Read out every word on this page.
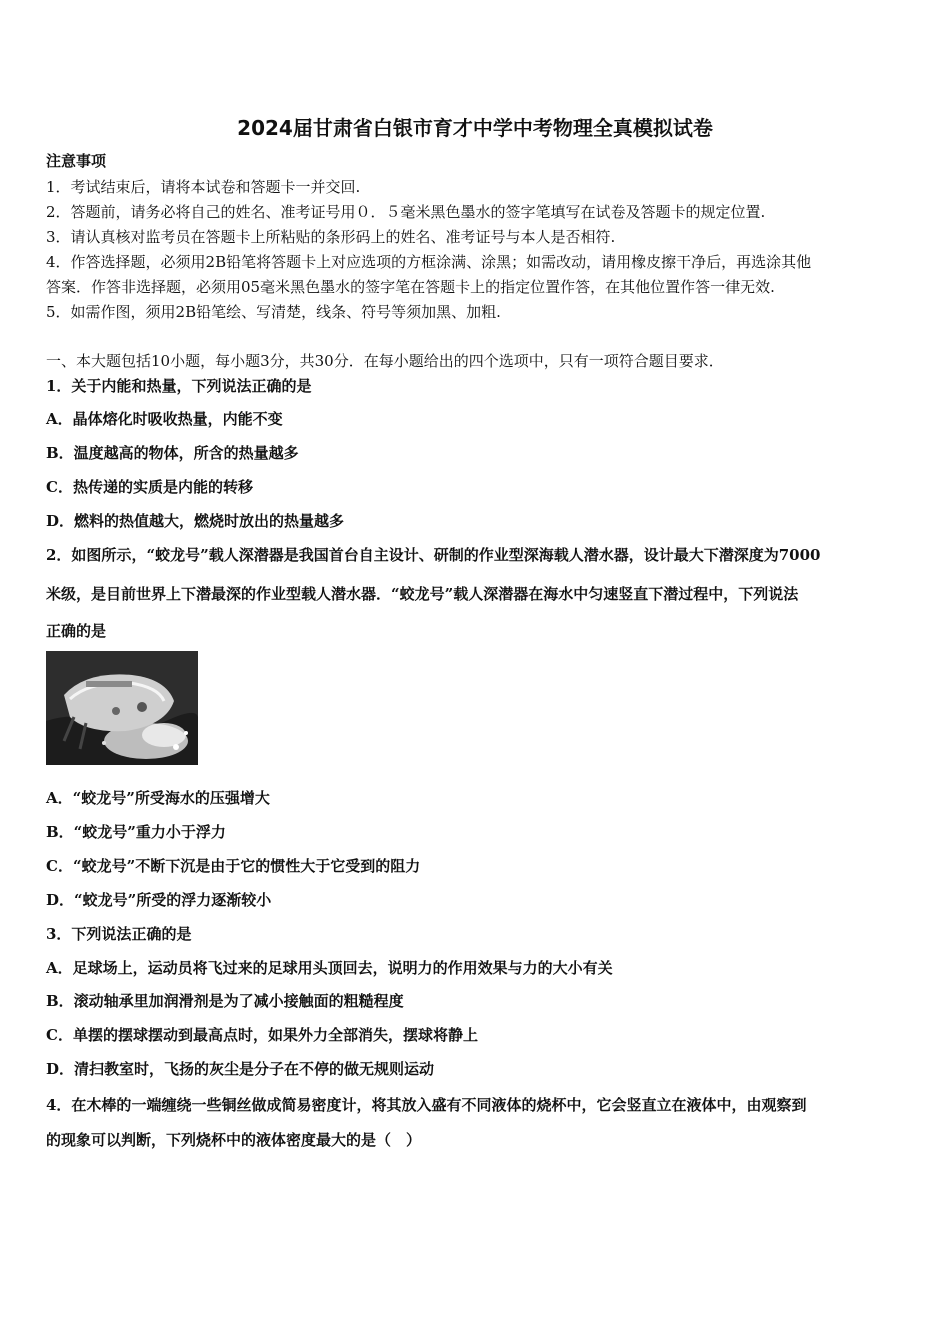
2024届甘肃省白银市育才中学中考物理全真模拟试卷
注意事项
1．考试结束后，请将本试卷和答题卡一并交回.
2．答题前，请务必将自己的姓名、准考证号用０．５毫米黑色墨水的签字笔填写在试卷及答题卡的规定位置.
3．请认真核对监考员在答题卡上所粘贴的条形码上的姓名、准考证号与本人是否相符.
4．作答选择题，必须用2B铅笔将答题卡上对应选项的方框涂满、涂黑；如需改动，请用橡皮擦干净后，再选涂其他
答案．作答非选择题，必须用05毫米黑色墨水的签字笔在答题卡上的指定位置作答，在其他位置作答一律无效.
5．如需作图，须用2B铅笔绘、写清楚，线条、符号等须加黑、加粗.
一、本大题包括10小题，每小题3分，共30分．在每小题给出的四个选项中，只有一项符合题目要求．
1．关于内能和热量，下列说法正确的是
A．晶体熔化时吸收热量，内能不变
B．温度越高的物体，所含的热量越多
C．热传递的实质是内能的转移
D．燃料的热值越大，燃烧时放出的热量越多
2．如图所示，“蛟龙号”载人深潜器是我国首台自主设计、研制的作业型深海载人潜水器，设计最大下潜深度为7000
米级，是目前世界上下潜最深的作业型载人潜水器．“蛟龙号”载人深潜器在海水中匀速竖直下潜过程中，下列说法
正确的是
A．“蛟龙号”所受海水的压强增大
B．“蛟龙号”重力小于浮力
C．“蛟龙号”不断下沉是由于它的惯性大于它受到的阻力
D．“蛟龙号”所受的浮力逐渐较小
3．下列说法正确的是
A．足球场上，运动员将飞过来的足球用头顶回去，说明力的作用效果与力的大小有关
B．滚动轴承里加润滑剂是为了减小接触面的粗糙程度
C．单摆的摆球摆动到最高点时，如果外力全部消失，摆球将静上
D．清扫教室时，飞扬的灰尘是分子在不停的做无规则运动
4．在木棒的一端缠绕一些铜丝做成简易密度计，将其放入盛有不同液体的烧杯中，它会竖直立在液体中，由观察到
的现象可以判断，下列烧杯中的液体密度最大的是（　）
